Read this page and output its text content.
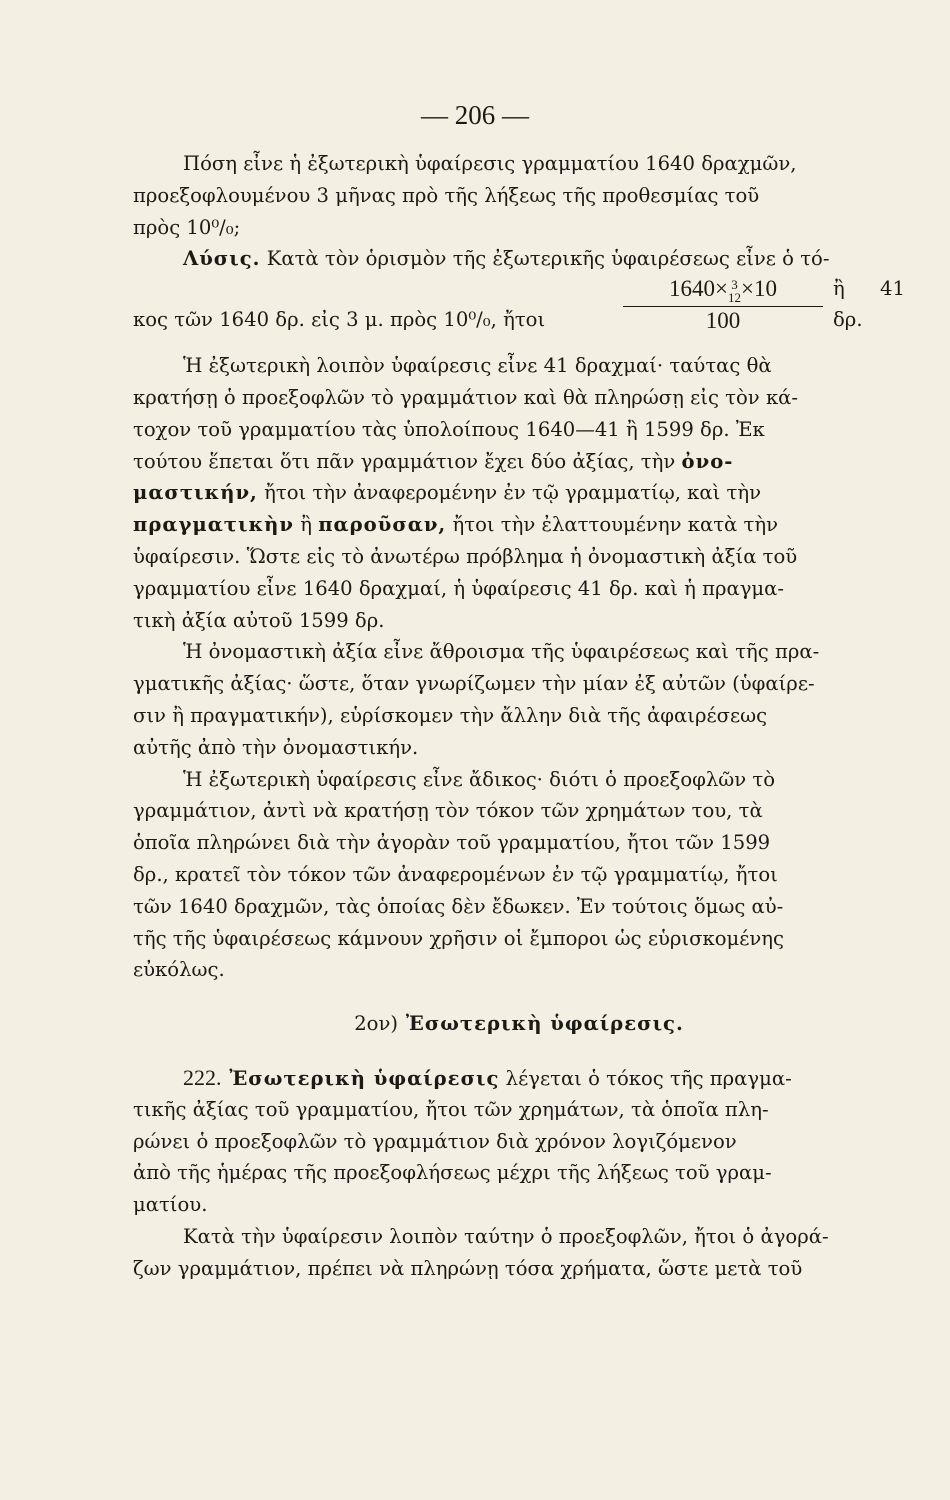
— 206 —
Πόση εἶνε ἡ ἐξωτερικὴ ὑφαίρεσις γραμματίου 1640 δραχμῶν,
προεξοφλουμένου 3 μῆνας πρὸ τῆς λήξεως τῆς προθεσμίας τοῦ
πρὸς 10⁰/₀;
Λύσις. Κατὰ τὸν ὁρισμὸν τῆς ἐξωτερικῆς ὑφαιρέσεως εἶνε ὁ τό-
κος τῶν 1640 δρ. εἰς 3 μ. πρὸς 10⁰/₀, ἤτοι
1640× 3
12 ×10
100
ἢ 41 δρ.
Ἡ ἐξωτερικὴ λοιπὸν ὑφαίρεσις εἶνε 41 δραχμαί· ταύτας θὰ
κρατήσῃ ὁ προεξοφλῶν τὸ γραμμάτιον καὶ θὰ πληρώσῃ εἰς τὸν κά-
τοχον τοῦ γραμματίου τὰς ὑπολοίπους 1640—41 ἢ 1599 δρ. Ἐκ
τούτου ἕπεται ὅτι πᾶν γραμμάτιον ἔχει δύο ἀξίας, τὴν ὀνο-
μαστικήν, ἤτοι τὴν ἀναφερομένην ἐν τῷ γραμματίῳ, καὶ τὴν
πραγματικὴν ἢ παροῦσαν, ἤτοι τὴν ἐλαττουμένην κατὰ τὴν
ὑφαίρεσιν. Ὥστε εἰς τὸ ἀνωτέρω πρόβλημα ἡ ὀνομαστικὴ ἀξία τοῦ
γραμματίου εἶνε 1640 δραχμαί, ἡ ὑφαίρεσις 41 δρ. καὶ ἡ πραγμα-
τικὴ ἀξία αὐτοῦ 1599 δρ.
Ἡ ὀνομαστικὴ ἀξία εἶνε ἄθροισμα τῆς ὑφαιρέσεως καὶ τῆς πρα-
γματικῆς ἀξίας· ὥστε, ὅταν γνωρίζωμεν τὴν μίαν ἐξ αὐτῶν (ὑφαίρε-
σιν ἢ πραγματικήν), εὑρίσκομεν τὴν ἄλλην διὰ τῆς ἀφαιρέσεως
αὐτῆς ἀπὸ τὴν ὀνομαστικήν.
Ἡ ἐξωτερικὴ ὑφαίρεσις εἶνε ἄδικος· διότι ὁ προεξοφλῶν τὸ
γραμμάτιον, ἀντὶ νὰ κρατήσῃ τὸν τόκον τῶν χρημάτων του, τὰ
ὁποῖα πληρώνει διὰ τὴν ἀγορὰν τοῦ γραμματίου, ἤτοι τῶν 1599
δρ., κρατεῖ τὸν τόκον τῶν ἀναφερομένων ἐν τῷ γραμματίῳ, ἤτοι
τῶν 1640 δραχμῶν, τὰς ὁποίας δὲν ἔδωκεν. Ἐν τούτοις ὅμως αὐ-
τῆς τῆς ὑφαιρέσεως κάμνουν χρῆσιν οἱ ἔμποροι ὡς εὑρισκομένης
εὐκόλως.
2ον) Ἐσωτερικὴ ὑφαίρεσις.
222. Ἐσωτερικὴ ὑφαίρεσις λέγεται ὁ τόκος τῆς πραγμα-
τικῆς ἀξίας τοῦ γραμματίου, ἤτοι τῶν χρημάτων, τὰ ὁποῖα πλη-
ρώνει ὁ προεξοφλῶν τὸ γραμμάτιον διὰ χρόνον λογιζόμενον
ἀπὸ τῆς ἡμέρας τῆς προεξοφλήσεως μέχρι τῆς λήξεως τοῦ γραμ-
ματίου.
Κατὰ τὴν ὑφαίρεσιν λοιπὸν ταύτην ὁ προεξοφλῶν, ἤτοι ὁ ἀγορά-
ζων γραμμάτιον, πρέπει νὰ πληρώνῃ τόσα χρήματα, ὥστε μετὰ τοῦ
